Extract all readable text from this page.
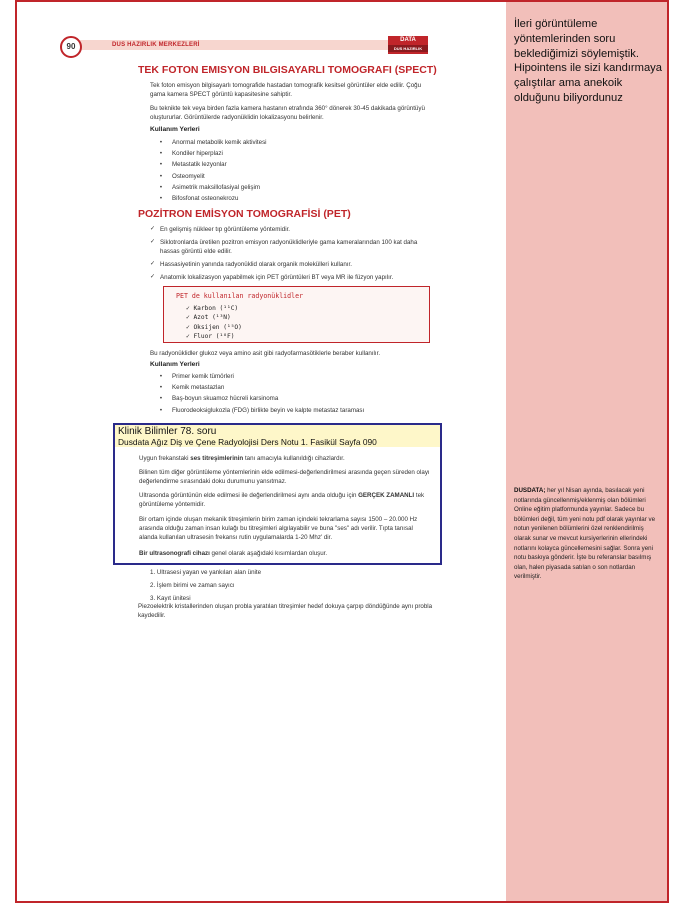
90	DUS HAZIRLIK MERKEZLERİ
DATA
DUS HAZIRLIK
TEK FOTON EMISYON BILGISAYARLI TOMOGRAFI (SPECT)
Tek foton emisyon bilgisayarlı tomografide hastadan tomografik kesitsel görüntüler elde edilir. Çoğu gama kamera SPECT görüntü kapasitesine sahiptir.
Bu teknikte tek veya birden fazla kamera hastanın etrafında 360° dönerek 30-45 dakikada görüntüyü oluştururlar. Görüntülerde radyonüklidin lokalizasyonu belirlenir.
Kullanım Yerleri
• Anormal metabolik kemik aktivitesi
• Kondiler hiperplazi
• Metastatik lezyonlar
• Osteomyelit
• Asimetrik maksillofasiyal gelişim
• Bifosfonat osteonekrozu
POZİTRON EMİSYON TOMOGRAFİSİ (PET)
✓ En gelişmiş nükleer tıp görüntüleme yöntemidir.
✓ Siklotronlarda üretilen pozitron emisyon radyonüklidleriyle gama kameralarından 100 kat daha hassas görüntü elde edilir.
✓ Hassasiyetinin yanında radyonüklid olarak organik molekülleri kullanır.
✓ Anatomik lokalizasyon yapabilmek için PET görüntüleri BT veya MR ile füzyon yapılır.
PET de kullanılan radyonüklidler
✓ Karbon (¹¹C)
✓ Azot (¹³N)
✓ Oksijen (¹⁵O)
✓ Fluor (¹⁸F)
Bu radyonüklidler glukoz veya amino asit gibi radyofarmasötiklerle beraber kullanılır.
Kullanım Yerleri
• Primer kemik tümörleri
• Kemik metastazları
• Baş-boyun skuamoz hücreli karsinoma
• Fluorodeoksiglukozla (FDG) birlikte beyin ve kalpte metastaz taraması
Klinik Bilimler 78. soru
Dusdata Ağız Diş ve Çene Radyolojisi Ders Notu 1. Fasikül Sayfa 090
Uygun frekanstaki ses titreşimlerinin tanı amacıyla kullanıldığı cihazlardır.
Bilinen tüm diğer görüntüleme yöntemlerinin elde edilmesi-değerlendirilmesi arasında geçen süreden olayı değerlendirme sırasındaki doku durumunu yansıtmaz.
Ultrasonda görüntünün elde edilmesi ile değerlendirilmesi aynı anda olduğu için GERÇEK ZAMANLI tek görüntüleme yöntemidir.
Bir ortam içinde oluşan mekanik titreşimlerin birim zaman içindeki tekrarlama sayısı 1500 – 20.000 Hz arasında olduğu zaman insan kulağı bu titreşimleri algılayabilir ve buna "ses" adı verilir. Tıpta tanısal alanda kullanılan ultrasesin frekansı rutin uygulamalarda 1-20 Mhz' dir.
Bir ultrasonografi cihazı genel olarak aşağıdaki kısımlardan oluşur.
1. Ultrasesi yayan ve yankıları alan ünite
2. İşlem birimi ve zaman sayıcı
3. Kayıt ünitesi
Piezoelektrik kristallerinden oluşan probla yaratılan titreşimler hedef dokuya çarpıp döndüğünde aynı probla kaydedilir.
İleri görüntüleme yöntemlerinden soru beklediğimizi söylemiştik. Hipointens ile sizi kandırmaya çalıştılar ama anekoik olduğunu biliyordunuz
DUSDATA; her yıl Nisan ayında, basılacak yeni notlarında güncellenmiş/eklenmiş olan bölümleri Online eğitim platformunda yayınlar. Sadece bu bölümleri değil, tüm yeni notu pdf olarak yayınlar ve notun yenilenen bölümlerini özel renklendirilmiş olarak sunar ve mevcut kursiyerlerinin ellerindeki notlarını kolayca güncellemesini sağlar. Sonra yeni notu baskıya gönderir. İşte bu referanslar basılmış olan, halen piyasada satılan o son notlardan verilmiştir.
